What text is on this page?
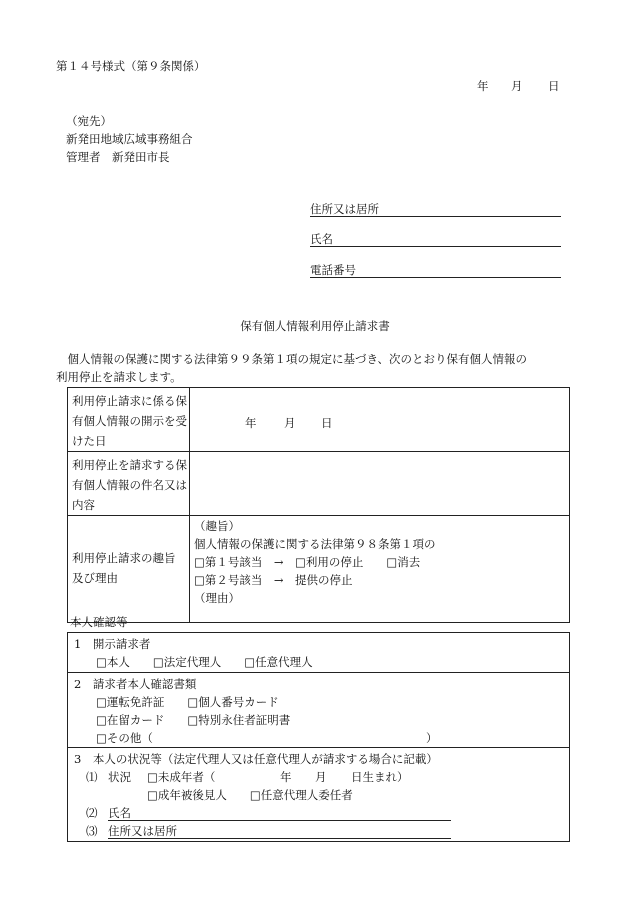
第１４号様式（第９条関係）
年 月 日
（宛先）
新発田地域広域事務組合
管理者　新発田市長
住所又は居所
氏名
電話番号
保有個人情報利用停止請求書
　個人情報の保護に関する法律第９９条第１項の規定に基づき、次のとおり保有個人情報の
利用停止を請求します。
利用停止請求に係る保有個人情報の開示を受けた日	年 月 日

利用停止を請求する保有個人情報の件名又は内容	

利用停止請求の趣旨及び理由	（趣旨）
個人情報の保護に関する法律第９８条第１項の
□第１号該当　→　□利用の停止　　□消去
□第２号該当　→　提供の停止
（理由）
本人確認等
1　開示請求者
□本人　　□法定代理人　　□任意代理人

2　請求者本人確認書類
□運転免許証　　□個人番号カード
□在留カード　　□特別永住者証明書
□その他（	）

3　本人の状況等（法定代理人又は任意代理人が請求する場合に記載）
⑴ 状況 □未成年者（	年 月 日生まれ）
□成年被後見人　　□任意代理人委任者
⑵ 氏名
⑶ 住所又は居所
